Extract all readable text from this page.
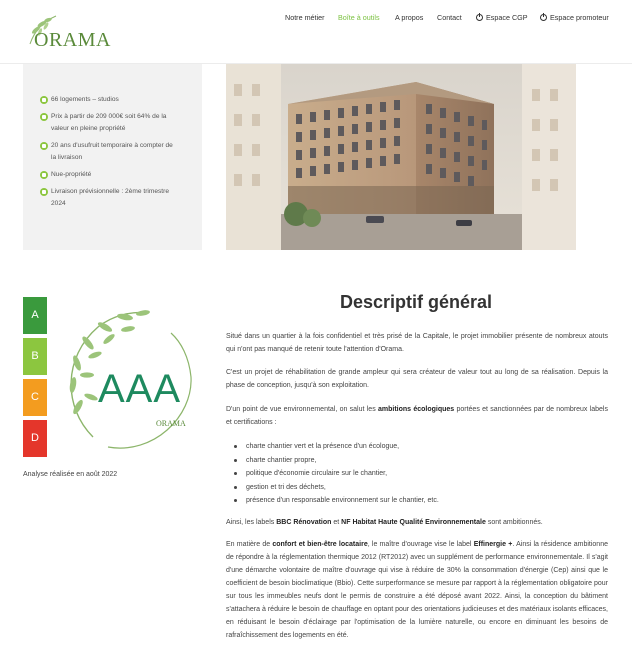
ORAMA
Notre métier Boîte à outils A propos Contact	Espace CGP	Espace promoteur
66 logements – studios
Prix à partir de 209 000€ soit 64% de la valeur en pleine propriété
20 ans d'usufruit temporaire à compter de la livraison
Nue-propriété
Livraison prévisionnelle : 2ème trimestre 2024
A
B
C
D
AAA
ORAMA
Analyse réalisée en août 2022
Descriptif général

Situé dans un quartier à la fois confidentiel et très prisé de la Capitale, le projet immobilier présente de nombreux atouts qui n'ont pas manqué de retenir toute l'attention d'Orama.

C'est un projet de réhabilitation de grande ampleur qui sera créateur de valeur tout au long de sa réalisation. Depuis la phase de conception, jusqu'à son exploitation.

D'un point de vue environnemental, on salut les ambitions écologiques portées et sanctionnées par de nombreux labels et certifications :

charte chantier vert et la présence d'un écologue,
charte chantier propre,
politique d'économie circulaire sur le chantier,
gestion et tri des déchets,
présence d'un responsable environnement sur le chantier, etc.

Ainsi, les labels BBC Rénovation et NF Habitat Haute Qualité Environnementale sont ambitionnés.

En matière de confort et bien-être locataire, le maître d'ouvrage vise le label Effinergie +. Ainsi la résidence ambitionne de répondre à la réglementation thermique 2012 (RT2012) avec un supplément de performance environnementale. Il s'agit d'une démarche volontaire de maître d'ouvrage qui vise à réduire de 30% la consommation d'énergie (Cep) ainsi que le coefficient de besoin bioclimatique (Bbio). Cette surperformance se mesure par rapport à la réglementation obligatoire pour sur tous les immeubles neufs dont le permis de construire a été déposé avant 2022. Ainsi, la conception du bâtiment s'attachera à réduire le besoin de chauffage en optant pour des orientations judicieuses et des matériaux isolants efficaces, en réduisant le besoin d'éclairage par l'optimisation de la lumière naturelle, ou encore en diminuant les besoins de rafraîchissement des logements en été.
